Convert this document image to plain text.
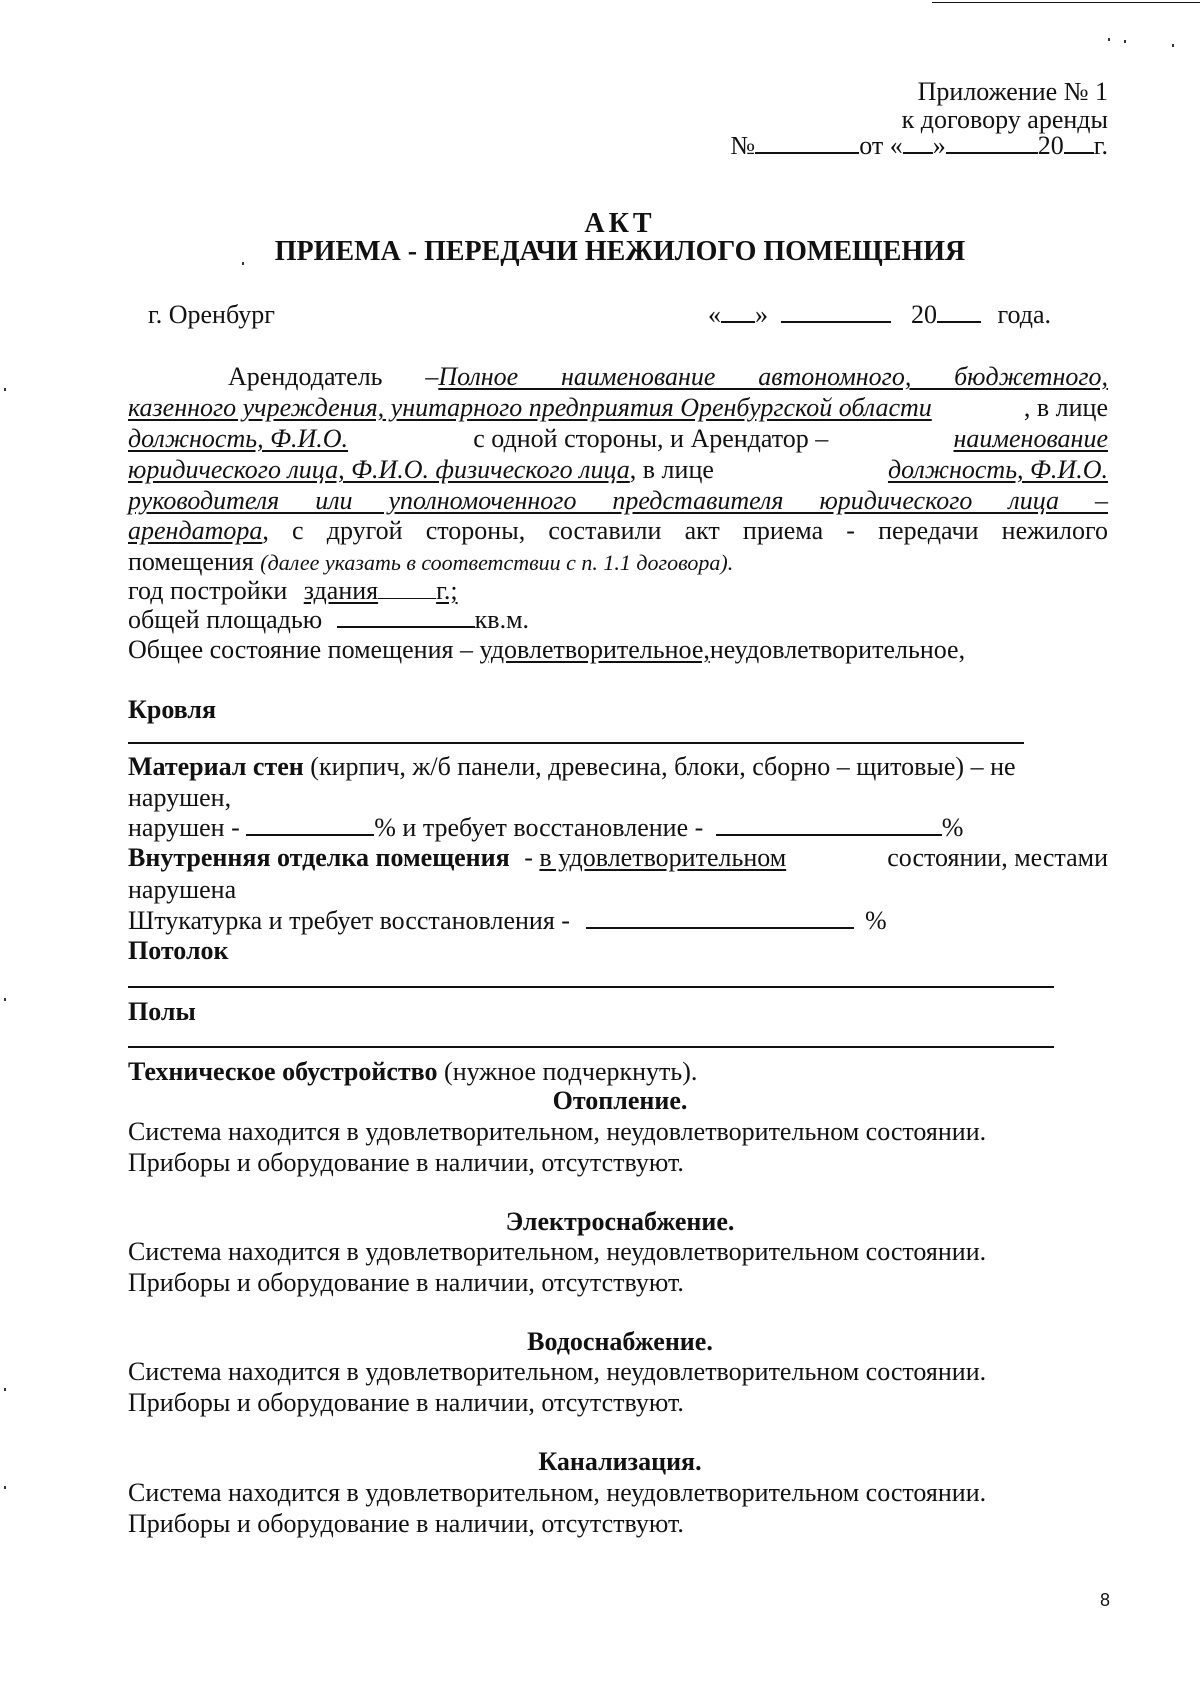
Приложение № 1
к договору аренды
№	от « »	20 г.
АКТ
ПРИЕМА - ПЕРЕДАЧИ НЕЖИЛОГО ПОМЕЩЕНИЯ
г. Оренбург	« »	20 года.
Арендодатель –Полное наименование автономного, бюджетного,
казенного учреждения, унитарного предприятия Оренбургской области	, в лице
должность, Ф.И.О.	с одной стороны, и Арендатор –	наименование
юридического лица, Ф.И.О. физического лица, в лице	должность, Ф.И.О.
руководителя или уполномоченного представителя юридического лица –
арендатора , с другой стороны, составили акт приема - передачи нежилого
помещения (далее указать в соответствии с п. 1.1 договора).
год постройки здания г.;
общей площадью	кв.м.
Общее состояние помещения – удовлетворительное,неудовлетворительное,
Кровля
Материал стен (кирпич, ж/б панели, древесина, блоки, сборно – щитовые) – не
нарушен,
нарушен -	% и требует восстановление -	%
Внутренняя отделка помещения - в удовлетворительном	состоянии, местами
нарушена
Штукатурка и требует восстановления -	%
Потолок
Полы
Техническое обустройство (нужное подчеркнуть).
Отопление.
Система находится в удовлетворительном, неудовлетворительном состоянии.
Приборы и оборудование в наличии, отсутствуют.
Электроснабжение.
Система находится в удовлетворительном, неудовлетворительном состоянии.
Приборы и оборудование в наличии, отсутствуют.
Водоснабжение.
Система находится в удовлетворительном, неудовлетворительном состоянии.
Приборы и оборудование в наличии, отсутствуют.
Канализация.
Система находится в удовлетворительном, неудовлетворительном состоянии.
Приборы и оборудование в наличии, отсутствуют.
8
